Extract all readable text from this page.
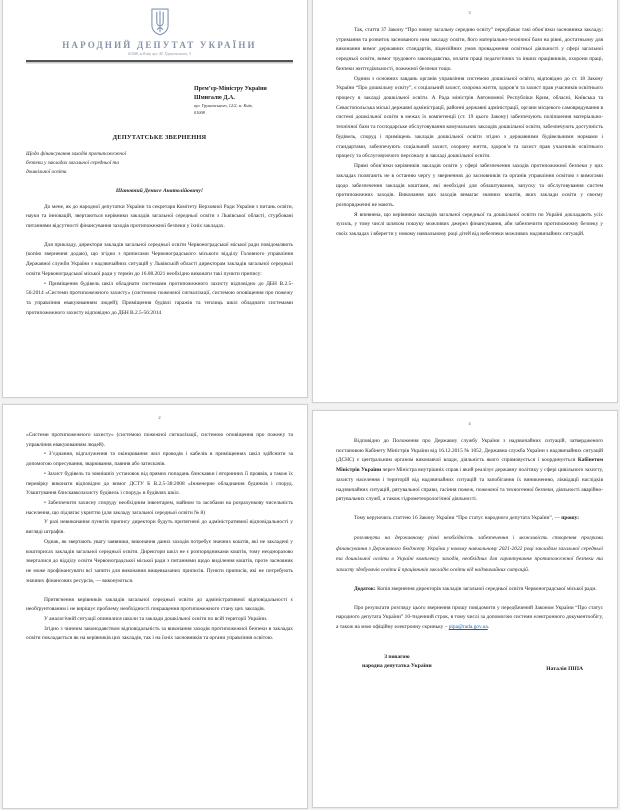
НАРОДНИЙ ДЕПУТАТ УКРАЇНИ
01008, м.Київ, вул. М. Грушевського, 5
Прем’єр-Міністру України
Шмигалю Д.А.
вул. Грушевського, 12/2, м. Київ,
01008
ДЕПУТАТСЬКЕ ЗВЕРНЕННЯ
Щодо фінансування заходів протипожежної
безпеки у закладах загальної середньої та
дошкільної освіти
Шановний Денисе Анатолійовичу!

До мене, як до народної депутатки України та секретаря Комітету Верховної Ради України з питань освіти, науки та інновацій, звертаються керівники закладів загальної середньої освіти з Львівської області, стурбовані питаннями відсутності фінансування заходів протипожежної безпеки у їхніх закладах.

Для прикладу, директори закладів загальної середньої освіти Червоноградської міської ради повідомляють (копію звернення додаю), що згідно з приписами Червоноградського міського відділу Головного управління Державної служби України з надзвичайних ситуацій у Львівській області директорам закладів загальної середньої освіти Червоноградської міської ради у термін до 16.08.2021 необхідно виконати такі пункти припису:

• Приміщення будівель шкіл обладнати системами протипожежного захисту відповідно до ДБН В.2.5-56:2014 «Системи протипожежного захисту» (системою пожежної сигналізації, системою оповіщення про пожежу та управління евакуюванням людей); Приміщення будівлі гаражів та теплиць шкіл обладнати системами протипожежного захисту відповідно до ДБН В.2.5-56:2014

2

«Системи протипожежного захисту» (системою пожежної сигналізації, системою оповіщення про пожежу та управління евакуюванням людей).

• З’єднання, відгалуження та окінцювання жил проводів і кабелів в приміщеннях шкіл здійснити за допомогою опресування, зварювання, паяння або затискачів.

• Захист будівель та зовнішніх установок від прямих попадань блискавки і вторинних її проявів, а також їх перевірку виконати відповідно до вимог ДСТУ Б В.2.5-38:2008 «Інженерне обладнання будинків і споруд. Улаштування блискавкозахисту будівель і споруд» в будівлях шкіл.

• Забезпечити захисну споруду необхідним інвентарем, майном та засобами на розрахункову чисельність населення, що підлягає укриттю (для закладу загальної середньої освіти № 8)

У разі невиконання пунктів припису директори будуть притягнені до адміністративної відповідальності у вигляді штрафів.

Однак, як звертають увагу заявники, виконання даних заходів потребує значних коштів, які не закладені у кошторисах закладів загальної середньої освіти. Директори шкіл не є розпорядниками коштів, тому неодноразово зверталися до відділу освіти Червоноградської міської ради з питаннями щодо виділення коштів, проте засновник не може профінансувати всі запити для виконання вищевказаних приписів. Пункти приписів, які не потребують значних фінансових ресурсів, — виконуються.

Притягнення керівників закладів загальної середньої освіти до адміністративної відповідальності є необґрунтованим і не вирішує проблему необхідності покращення протипожежного стану цих закладів.

У аналогічній ситуації опинилися школи та заклади дошкільної освіти по всій території України.

Згідно з чинним законодавством відповідальність за виконання заходів протипожежної безпеки в закладах освіти покладається як на керівників цих закладів, так і на їхніх засновників та органи управління освітою.

3

Так, стаття 37 Закону “Про повну загальну середню освіту” передбачає такі обов’язки засновника закладу: утримання та розвиток заснованого ним закладу освіти, його матеріально-технічної бази на рівні, достатньому для виконання вимог державних стандартів, ліцензійних умов провадження освітньої діяльності у сфері загальної середньої освіти, вимог трудового законодавства, оплати праці педагогічних та інших працівників, охорони праці, безпеки життєдіяльності, пожежної безпеки тощо.

Одним з основних завдань органів управління системою дошкільної освіти, відповідно до ст. 18 Закону України “Про дошкільну освіту”, є соціальний захист, охорона життя, здоров’я та захист прав учасників освітнього процесу в закладі дошкільної освіти. А Рада міністрів Автономної Республіки Крим, обласні, Київська та Севастопольська міські державні адміністрації, районні державні адміністрації, органи місцевого самоврядування в системі дошкільної освіти в межах їх компетенції (ст. 19 цього Закону) забезпечують поліпшення матеріально-технічної бази та господарське обслуговування комунальних закладів дошкільної освіти, забезпечують доступність будівель, споруд і приміщень закладів дошкільної освіти згідно з державними будівельними нормами і стандартами, забезпечують соціальний захист, охорону життя, здоров’я та захист прав учасників освітнього процесу та обслуговуючого персоналу в закладі дошкільної освіти.

Прямі обов’язки керівників закладів освіти у сфері забезпечення заходів протипожежної безпеки у цих закладах полягають не в останню чергу у зверненнях до засновників та органів управління освітою з вимогами щодо забезпечення закладів коштами, які необхідні для облаштування, запуску та обслуговування систем протипожежних заходів. Виконання цих заходів вимагає значних коштів, яких заклади освіти у своєму розпорядженні не мають.

Я впевнена, що керівники закладів загальної середньої та дошкільної освіти по Україні докладають усіх зусиль, у тому числі шляхом пошуку можливих джерел фінансування, аби забезпечити протипожежну безпеку у своїх закладах і вберегти у новому навчальному році дітей від небезпеки можливих надзвичайних ситуацій.

4

Відповідно до Положення про Державну службу України з надзвичайних ситуацій, затвердженого постановою Кабінету Міністрів України від 16.12.2015 № 1052, Державна служба України з надзвичайних ситуацій (ДСНС) є центральним органом виконавчої влади, діяльність якого спрямовується і координується Кабінетом Міністрів України через Міністра внутрішніх справ і який реалізує державну політику у сфері цивільного захисту, захисту населення і територій від надзвичайних ситуацій та запобігання їх виникненню, ліквідації наслідків надзвичайних ситуацій, рятувальної справи, гасіння пожеж, пожежної та техногенної безпеки, діяльності аварійно-рятувальних служб, а також гідрометеорологічної діяльності.

Тому керуючись статтею 16 Закону України “Про статус народного депутата України”, — прошу:

розглянути на державному рівні необхідність забезпечення і можливість створення програми фінансування з Державного бюджету України у новому навчальному 2021-2022 році закладам загальної середньої та дошкільної освіти в Україні комплексу заходів, необхідних для гарантування протипожежної безпеки та захисту здобувачів освіти й працівників закладів освіти від надзвичайних ситуацій.

Додаток: Копія звернення директорів закладів загальної середньої освіти Червоноградської міської ради.

Про результати розгляду цього звернення прошу повідомити у передбачений Законом України “Про статус народного депутата України” 10-тиденний строк, в тому числі за допомогою системи електронного документообігу, а також на мою офіційну електронну скриньку – pipa@rada.gov.ua.

З повагою
народна депутатка України	Наталія ПІПА
